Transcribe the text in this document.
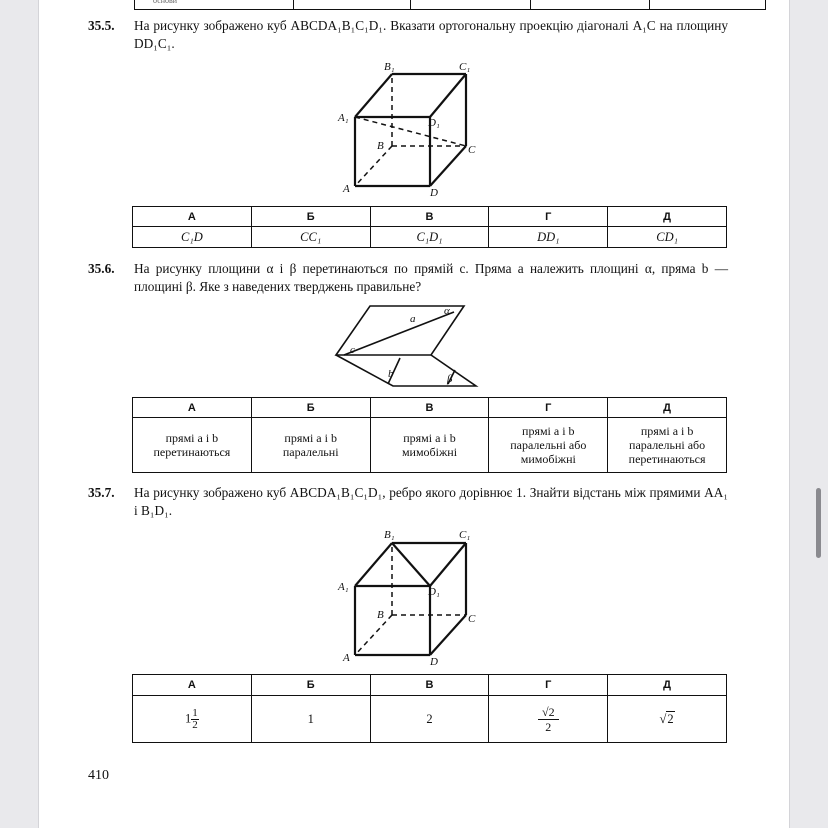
основи
35.5. На рисунку зображено куб ABCDA₁B₁C₁D₁. Вказати ортогональну проекцію діагоналі A₁C на площину DD₁C₁.
B₁	C₁
A₁	D₁
B	C
A	D
А	Б	В	Г	Д
C₁D	CC₁	C₁D₁	DD₁	CD₁
35.6. На рисунку площини α і β перетинаються по прямій c. Пряма a належить площині α, пряма b — площині β. Яке з наведених тверджень правильне?
a
α
c
b	β
А	Б	В	Г	Д
прямі a і b перетинаються	прямі a і b паралельні	прямі a і b мимобіжні	прямі a і b паралельні або мимобіжні	прямі a і b паралельні або перетинаються
35.7. На рисунку зображено куб ABCDA₁B₁C₁D₁, ребро якого дорівнює 1. Знайти відстань між прямими AA₁ і B₁D₁.
B₁	C₁
A₁	D₁
B	C
A	D
А	Б	В	Г	Д
$1 \frac{1}{2}$	1	2	$\frac{√2}{2}$	√2
410
